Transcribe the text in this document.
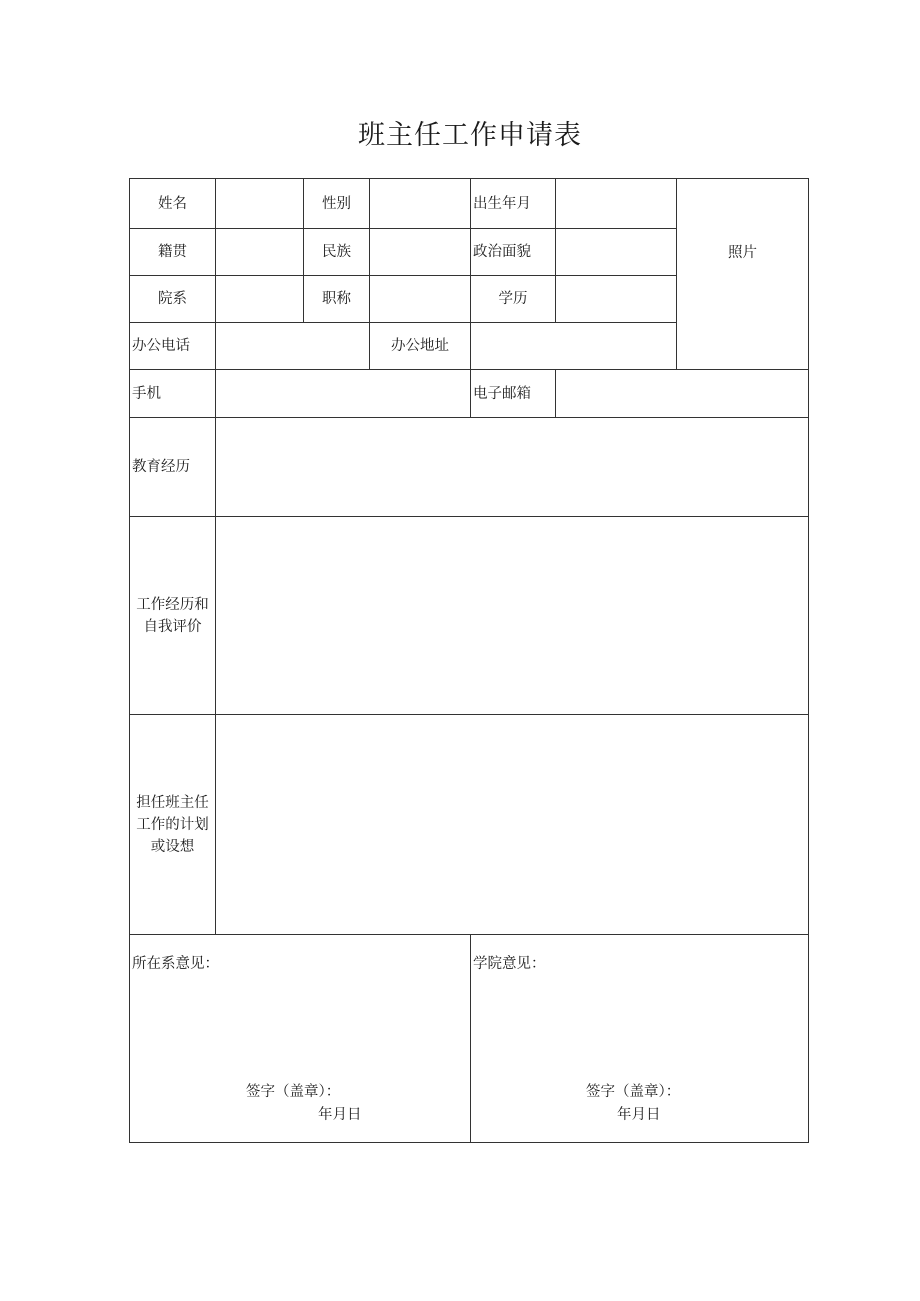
班主任工作申请表
姓名	性别	出生年月
照片
籍贯	民族	政治面貌
院系	职称	学历
办公电话	办公地址
手机	电子邮箱
教育经历
工作经历和
自我评价
担任班主任
工作的计划
或设想
所在系意见：
签字（盖章）：
年月日
学院意见：
签字（盖章）：
年月日
